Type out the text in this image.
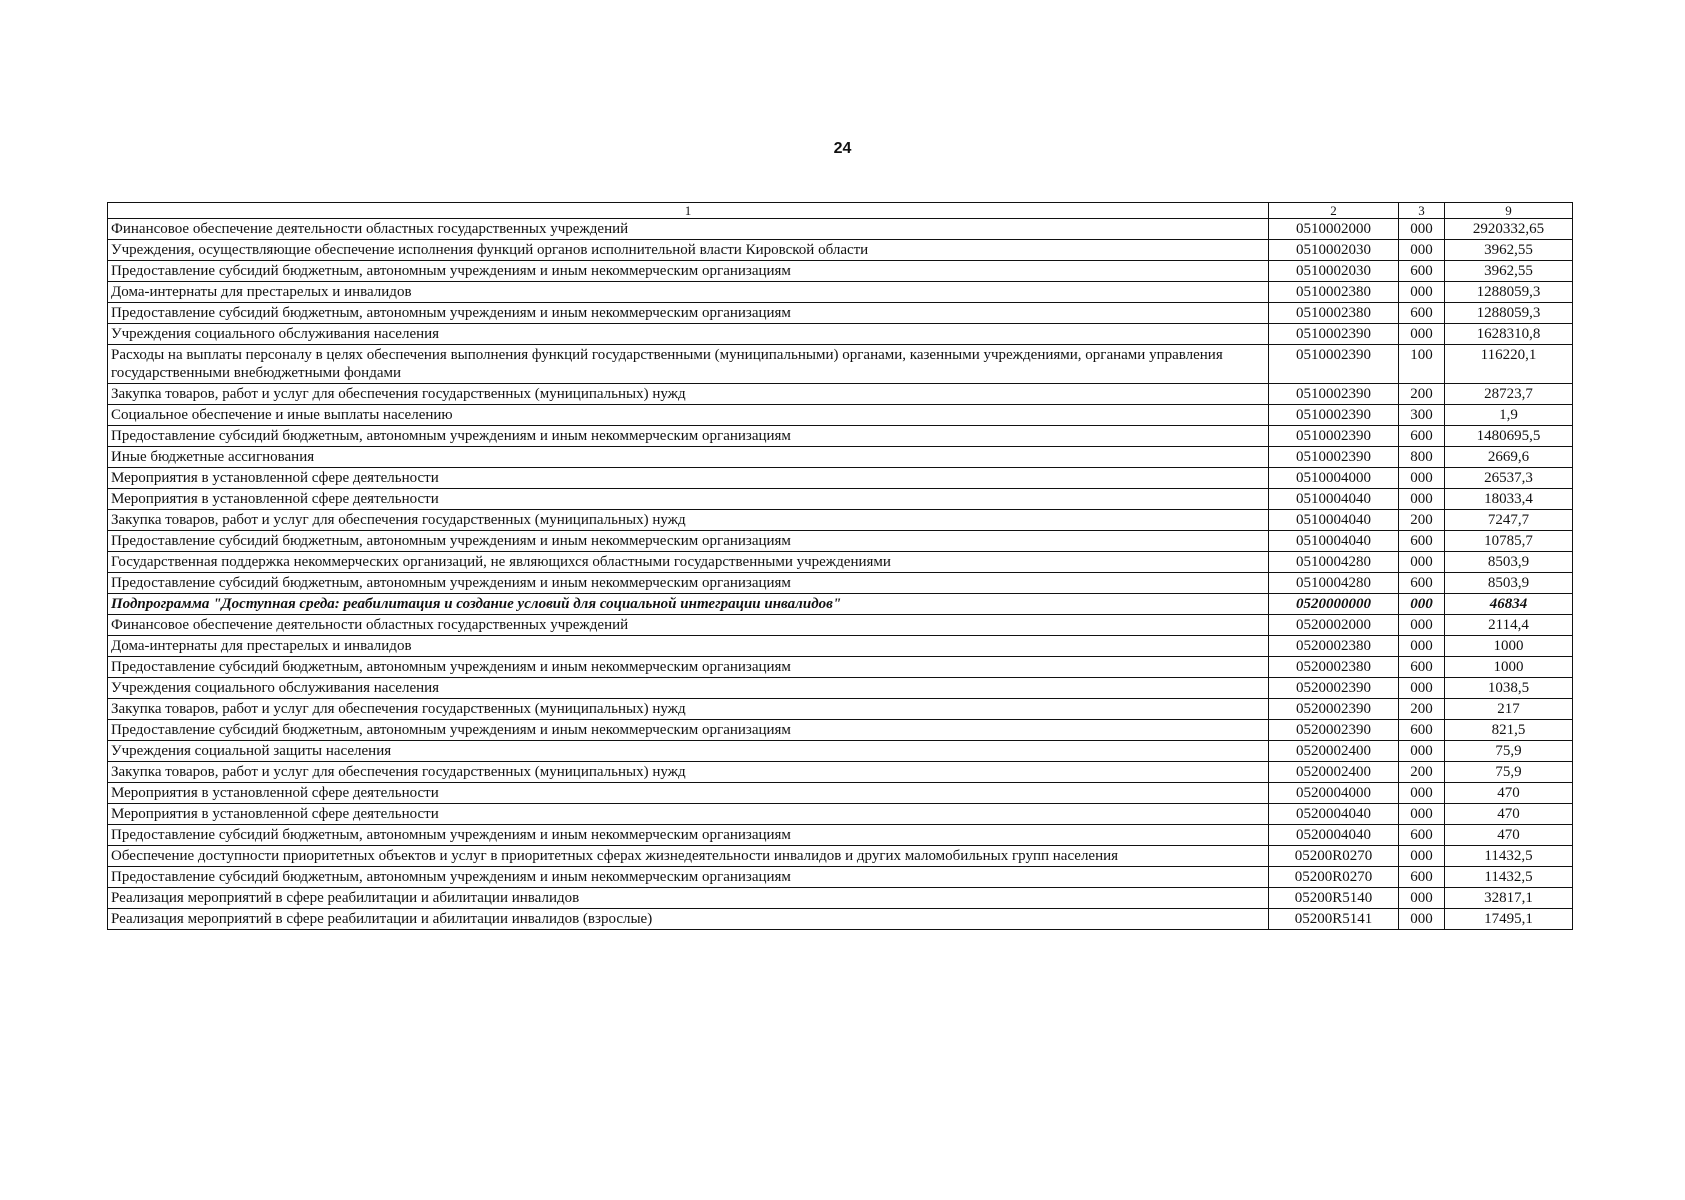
24
1	2	3	9
Финансовое обеспечение деятельности областных государственных учреждений	0510002000	000	2920332,65
Учреждения, осуществляющие обеспечение исполнения функций органов исполнительной власти Кировской области	0510002030	000	3962,55
Предоставление субсидий бюджетным, автономным учреждениям и иным некоммерческим организациям	0510002030	600	3962,55
Дома-интернаты для престарелых и инвалидов	0510002380	000	1288059,3
Предоставление субсидий бюджетным, автономным учреждениям и иным некоммерческим организациям	0510002380	600	1288059,3
Учреждения социального обслуживания населения	0510002390	000	1628310,8
Расходы на выплаты персоналу в целях обеспечения выполнения функций государственными (муниципальными) органами, казенными учреждениями, органами управления государственными внебюджетными фондами	0510002390	100	116220,1
Закупка товаров, работ и услуг для обеспечения государственных (муниципальных) нужд	0510002390	200	28723,7
Социальное обеспечение и иные выплаты населению	0510002390	300	1,9
Предоставление субсидий бюджетным, автономным учреждениям и иным некоммерческим организациям	0510002390	600	1480695,5
Иные бюджетные ассигнования	0510002390	800	2669,6
Мероприятия в установленной сфере деятельности	0510004000	000	26537,3
Мероприятия в установленной сфере деятельности	0510004040	000	18033,4
Закупка товаров, работ и услуг для обеспечения государственных (муниципальных) нужд	0510004040	200	7247,7
Предоставление субсидий бюджетным, автономным учреждениям и иным некоммерческим организациям	0510004040	600	10785,7
Государственная поддержка некоммерческих организаций, не являющихся областными государственными учреждениями	0510004280	000	8503,9
Предоставление субсидий бюджетным, автономным учреждениям и иным некоммерческим организациям	0510004280	600	8503,9
Подпрограмма "Доступная среда: реабилитация и создание условий для социальной интеграции инвалидов"	0520000000	000	46834
Финансовое обеспечение деятельности областных государственных учреждений	0520002000	000	2114,4
Дома-интернаты для престарелых и инвалидов	0520002380	000	1000
Предоставление субсидий бюджетным, автономным учреждениям и иным некоммерческим организациям	0520002380	600	1000
Учреждения социального обслуживания населения	0520002390	000	1038,5
Закупка товаров, работ и услуг для обеспечения государственных (муниципальных) нужд	0520002390	200	217
Предоставление субсидий бюджетным, автономным учреждениям и иным некоммерческим организациям	0520002390	600	821,5
Учреждения социальной защиты населения	0520002400	000	75,9
Закупка товаров, работ и услуг для обеспечения государственных (муниципальных) нужд	0520002400	200	75,9
Мероприятия в установленной сфере деятельности	0520004000	000	470
Мероприятия в установленной сфере деятельности	0520004040	000	470
Предоставление субсидий бюджетным, автономным учреждениям и иным некоммерческим организациям	0520004040	600	470
Обеспечение доступности приоритетных объектов и услуг в приоритетных сферах жизнедеятельности инвалидов и других маломобильных групп населения	05200R0270	000	11432,5
Предоставление субсидий бюджетным, автономным учреждениям и иным некоммерческим организациям	05200R0270	600	11432,5
Реализация мероприятий в сфере реабилитации и абилитации инвалидов	05200R5140	000	32817,1
Реализация мероприятий в сфере реабилитации и абилитации инвалидов (взрослые)	05200R5141	000	17495,1
